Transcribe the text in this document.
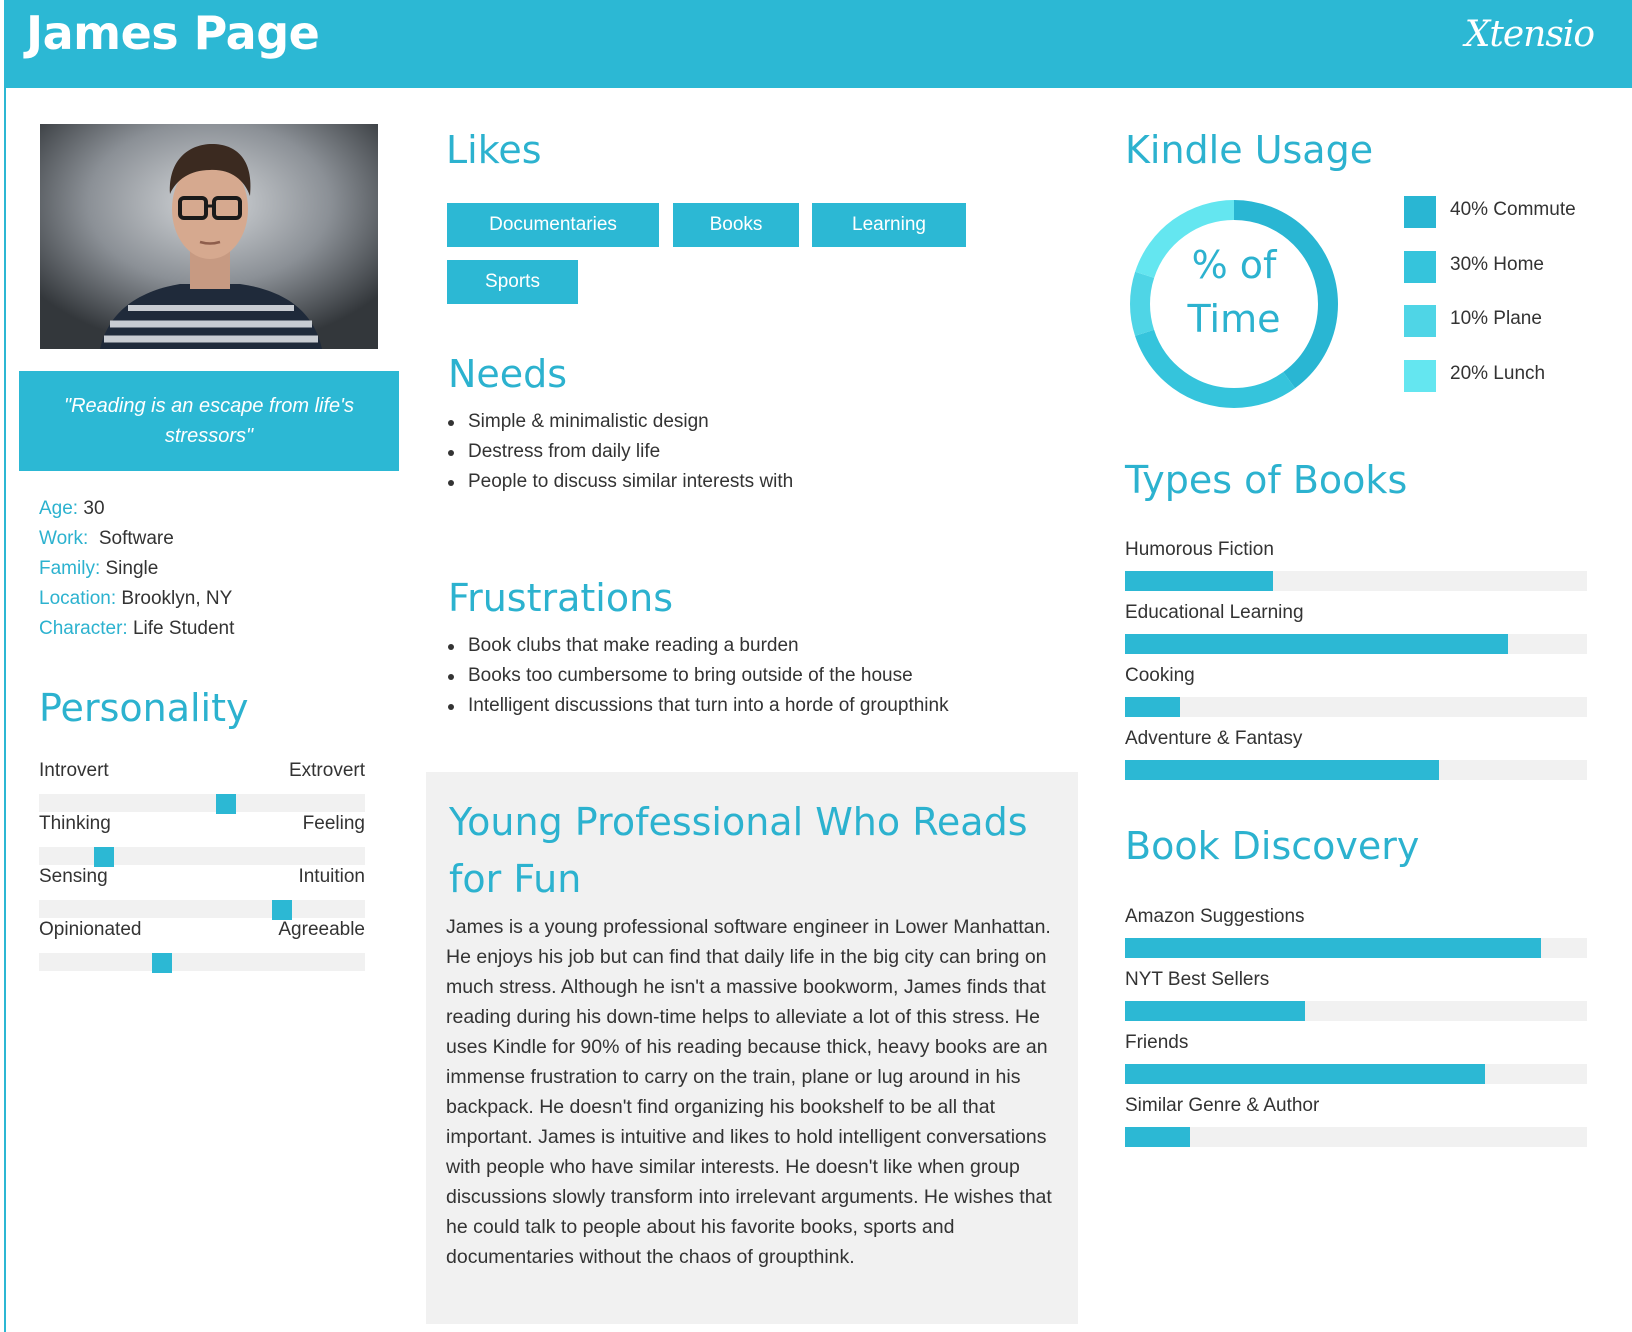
James Page	Xtensio
"Reading is an escape from life's stressors"
Age: 30
Work:  Software
Family: Single
Location: Brooklyn, NY
Character: Life Student
Personality
Introvert	Extrovert
Thinking	Feeling
Sensing	Intuition
Opinionated	Agreeable
Likes
Documentaries	Books	Learning
Sports
Needs
Simple & minimalistic design
Destress from daily life
People to discuss similar interests with
Frustrations
Book clubs that make reading a burden
Books too cumbersome to bring outside of the house
Intelligent discussions that turn into a horde of groupthink
Young Professional Who Reads for Fun
James is a young professional software engineer in Lower Manhattan. He enjoys his job but can find that daily life in the big city can bring on much stress. Although he isn't a massive bookworm, James finds that reading during his down-time helps to alleviate a lot of this stress. He uses Kindle for 90% of his reading because thick, heavy books are an immense frustration to carry on the train, plane or lug around in his backpack. He doesn't find organizing his bookshelf to be all that important. James is intuitive and likes to hold intelligent conversations with people who have similar interests. He doesn't like when group discussions slowly transform into irrelevant arguments. He wishes that he could talk to people about his favorite books, sports and documentaries without the chaos of groupthink.
Kindle Usage
% of
Time
40% Commute
30% Home
10% Plane
20% Lunch
Types of Books
Humorous Fiction
Educational Learning
Cooking
Adventure & Fantasy
Book Discovery
Amazon Suggestions
NYT Best Sellers
Friends
Similar Genre & Author
